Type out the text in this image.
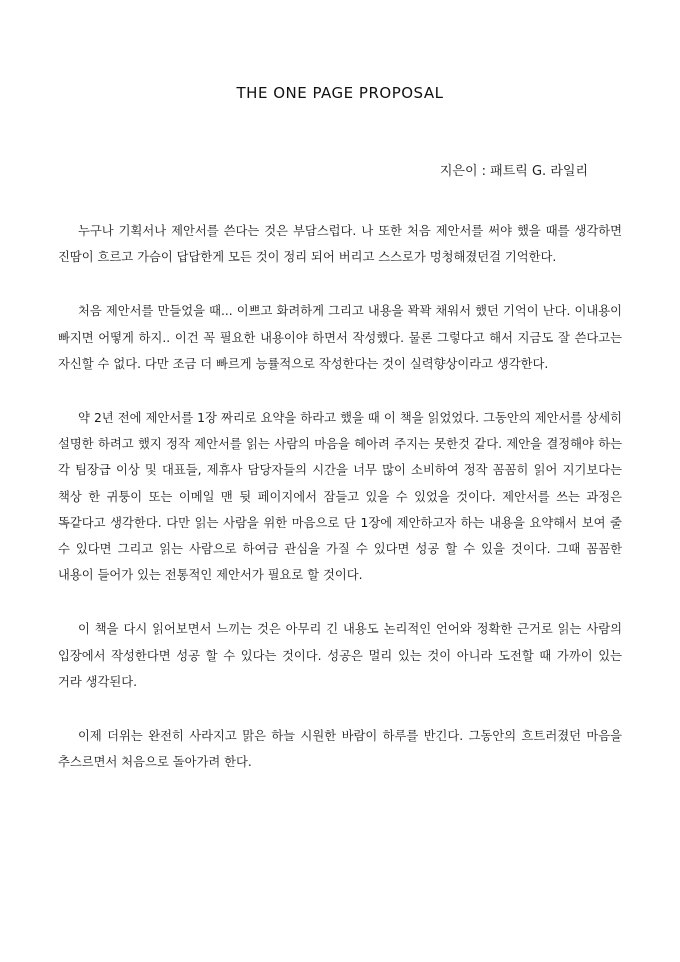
THE ONE PAGE PROPOSAL
지은이 : 패트릭 G. 라일리

누구나 기획서나 제안서를 쓴다는 것은 부담스럽다. 나 또한 처음 제안서를 써야 했을 때를 생각하면 진땀이 흐르고 가슴이 답답한게 모든 것이 정리 되어 버리고 스스로가 멍청해졌던걸 기억한다.

처음 제안서를 만들었을 때... 이쁘고 화려하게 그리고 내용을 꽉꽉 채워서 했던 기억이 난다. 이내용이 빠지면 어떻게 하지.. 이건 꼭 필요한 내용이야 하면서 작성했다. 물론 그렇다고 해서 지금도 잘 쓴다고는 자신할 수 없다. 다만 조금 더 빠르게 능률적으로 작성한다는 것이 실력향상이라고 생각한다.

약 2년 전에 제안서를 1장 짜리로 요약을 하라고 했을 때 이 책을 읽었었다. 그동안의 제안서를 상세히 설명한 하려고 했지 정작 제안서를 읽는 사람의 마음을 헤아려 주지는 못한것 같다. 제안을 결정해야 하는 각 팀장급 이상 및 대표들, 제휴사 담당자들의 시간을 너무 많이 소비하여 정작 꼼꼼히 읽어 지기보다는 책상 한 귀퉁이 또는 이메일 맨 뒷 페이지에서 잠들고 있을 수 있었을 것이다. 제안서를 쓰는 과정은 똑같다고 생각한다. 다만 읽는 사람을 위한 마음으로 단 1장에 제안하고자 하는 내용을 요약해서 보여 줄 수 있다면 그리고 읽는 사람으로 하여금 관심을 가질 수 있다면 성공 할 수 있을 것이다. 그때 꼼꼼한 내용이 들어가 있는 전통적인 제안서가 필요로 할 것이다.

이 책을 다시 읽어보면서 느끼는 것은 아무리 긴 내용도 논리적인 언어와 정확한 근거로 읽는 사람의 입장에서 작성한다면 성공 할 수 있다는 것이다. 성공은 멀리 있는 것이 아니라 도전할 때 가까이 있는 거라 생각된다.

이제 더위는 완전히 사라지고 맑은 하늘 시원한 바람이 하루를 반긴다. 그동안의 흐트러졌던 마음을 추스르면서 처음으로 돌아가려 한다.
